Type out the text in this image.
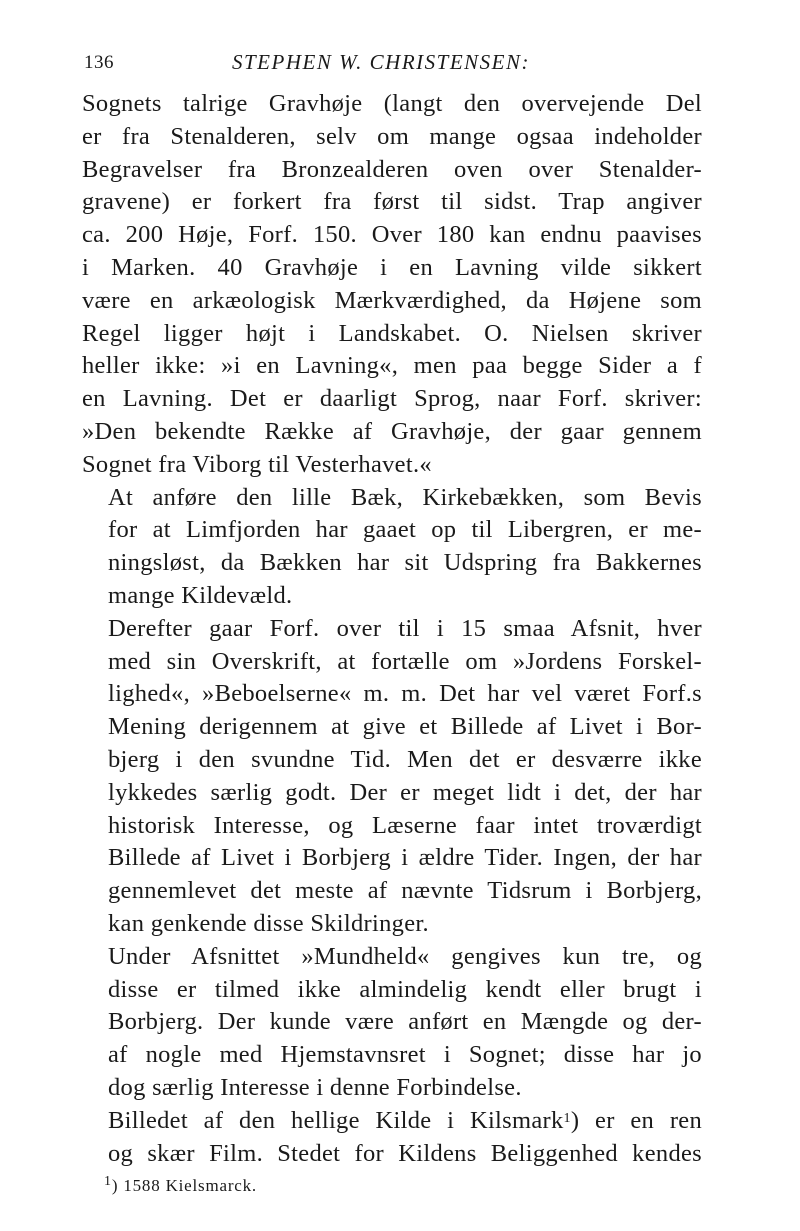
136	STEPHEN W. CHRISTENSEN:

Sognets talrige Gravhøje (langt den overvejende Del
er fra Stenalderen, selv om mange ogsaa indeholder
Begravelser fra Bronzealderen oven over Stenalder-
gravene) er forkert fra først til sidst. Trap angiver
ca. 200 Høje, Forf. 150. Over 180 kan endnu paavises
i Marken. 40 Gravhøje i en Lavning vilde sikkert
være en arkæologisk Mærkværdighed, da Højene som
Regel ligger højt i Landskabet. O. Nielsen skriver
heller ikke: »i en Lavning«, men paa begge Sider a f
en Lavning. Det er daarligt Sprog, naar Forf. skriver:
»Den bekendte Række af Gravhøje, der gaar gennem
Sognet fra Viborg til Vesterhavet.«

At anføre den lille Bæk, Kirkebækken, som Bevis
for at Limfjorden har gaaet op til Libergren, er me-
ningsløst, da Bækken har sit Udspring fra Bakkernes
mange Kildevæld.

Derefter gaar Forf. over til i 15 smaa Afsnit, hver
med sin Overskrift, at fortælle om »Jordens Forskel-
lighed«, »Beboelserne« m. m. Det har vel været Forf.s
Mening derigennem at give et Billede af Livet i Bor-
bjerg i den svundne Tid. Men det er desværre ikke
lykkedes særlig godt. Der er meget lidt i det, der har
historisk Interesse, og Læserne faar intet troværdigt
Billede af Livet i Borbjerg i ældre Tider. Ingen, der har
gennemlevet det meste af nævnte Tidsrum i Borbjerg,
kan genkende disse Skildringer.

Under Afsnittet »Mundheld« gengives kun tre, og
disse er tilmed ikke almindelig kendt eller brugt i
Borbjerg. Der kunde være anført en Mængde og der-
af nogle med Hjemstavnsret i Sognet; disse har jo
dog særlig Interesse i denne Forbindelse.

Billedet af den hellige Kilde i Kilsmark$^1$) er en ren
og skær Film. Stedet for Kildens Beliggenhed kendes

$^1$) 1588 Kielsmarck.
